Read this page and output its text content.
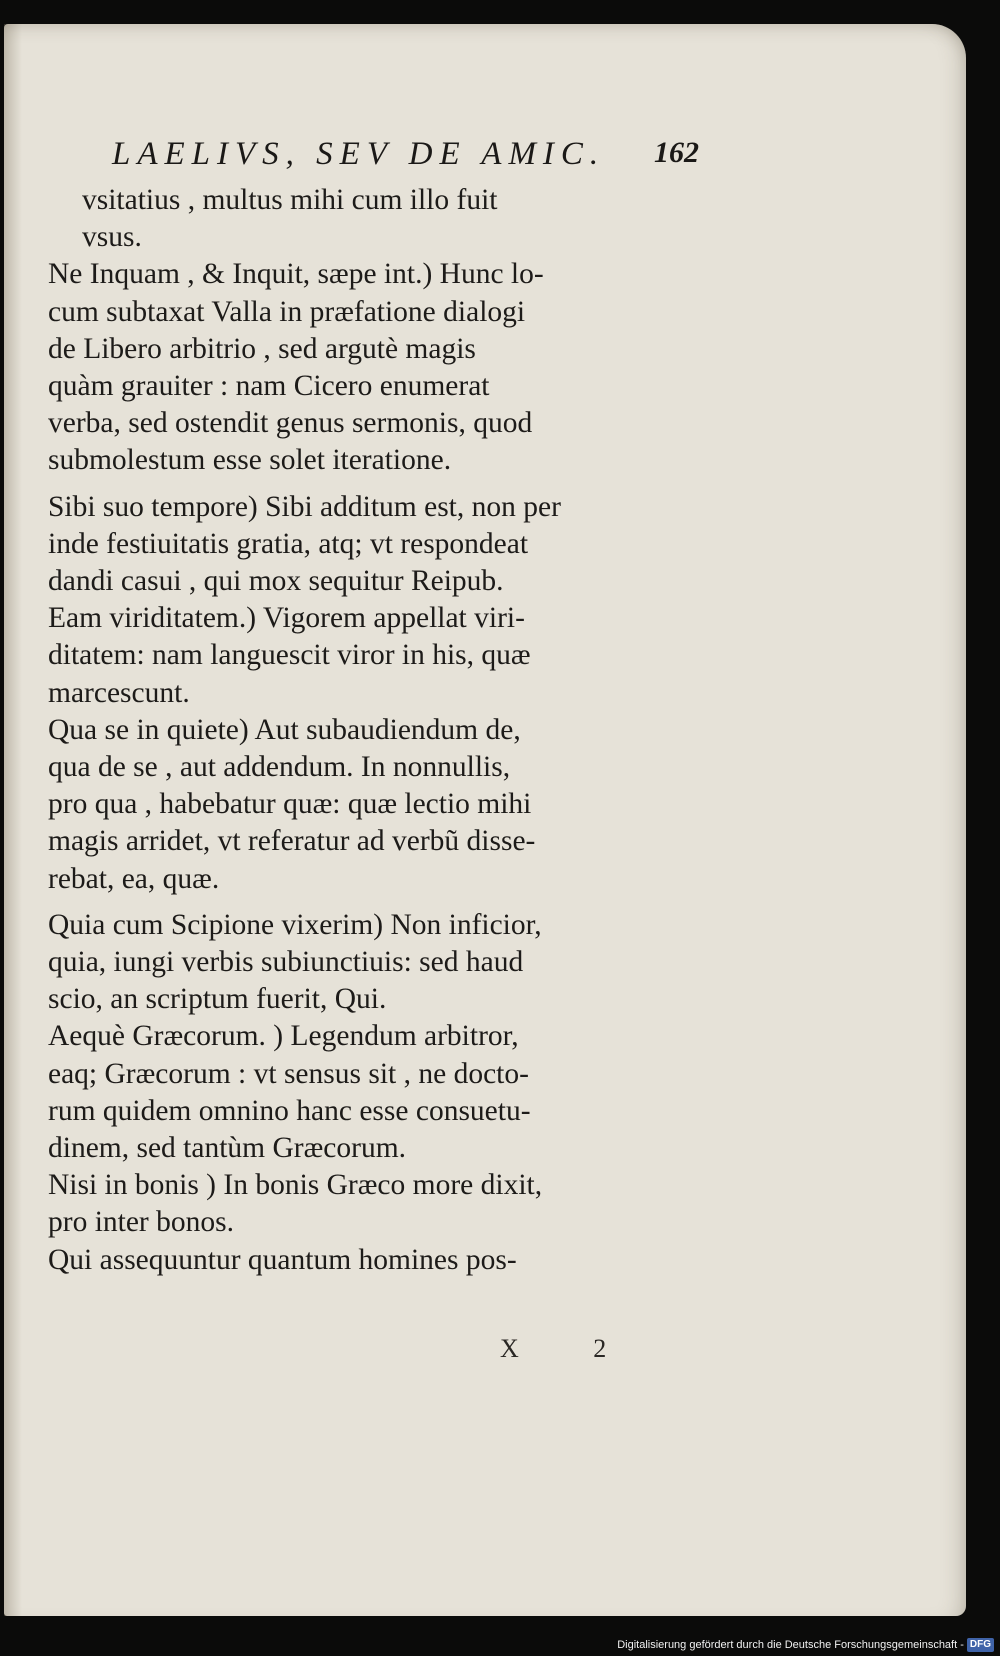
LAELIVS, SEV DE AMIC.	162

vsitatius , multus mihi cum illo fuit
vsus.

Ne Inquam , & Inquit, sæpe int.) Hunc lo-
cum subtaxat Valla in præfatione dialogi
de Libero arbitrio , sed argutè magis
quàm grauiter : nam Cicero enumerat
verba, sed ostendit genus sermonis, quod
submolestum esse solet iteratione.

Sibi suo tempore) Sibi additum est, non per
inde festiuitatis gratia, atq; vt respondeat
dandi casui , qui mox sequitur Reipub.

Eam viriditatem.) Vigorem appellat viri-
ditatem: nam languescit viror in his, quæ
marcescunt.

Qua se in quiete) Aut subaudiendum de,
qua de se , aut addendum. In nonnullis,
pro qua , habebatur quæ: quæ lectio mihi
magis arridet, vt referatur ad verbũ disse-
rebat, ea, quæ.

Quia cum Scipione vixerim) Non inficior,
quia, iungi verbis subiunctiuis: sed haud
scio, an scriptum fuerit, Qui.

Aequè Græcorum. ) Legendum arbitror,
eaq; Græcorum : vt sensus sit , ne docto-
rum quidem omnino hanc esse consuetu-
dinem, sed tantùm Græcorum.

Nisi in bonis ) In bonis Græco more dixit,
pro inter bonos.

Qui assequuntur quantum homines pos-

X 2
Digitalisierung gefördert durch die Deutsche Forschungsgemeinschaft - DFG
